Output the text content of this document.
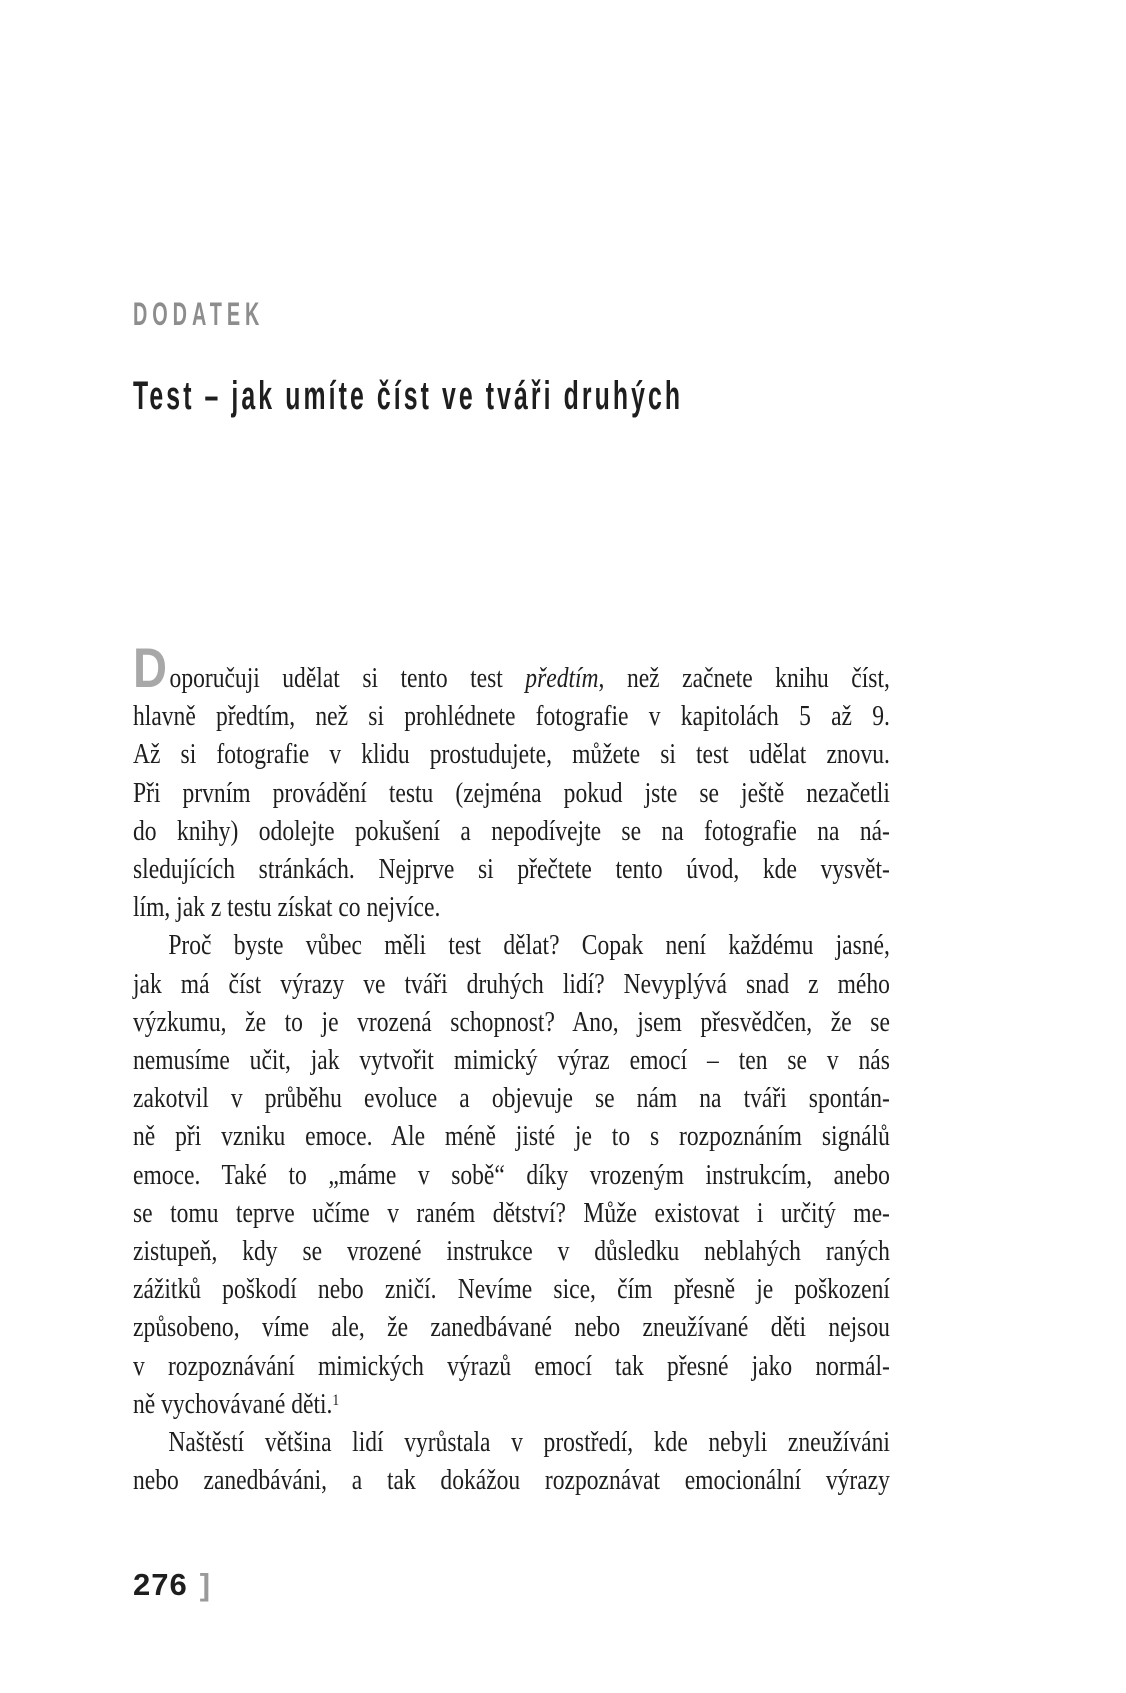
DODATEK
Test – jak umíte číst ve tváři druhých
Doporučuji udělat si tento test předtím, než začnete knihu číst,
hlavně předtím, než si prohlédnete fotografie v kapitolách 5 až 9.
Až si fotografie v klidu prostudujete, můžete si test udělat znovu.
Při prvním provádění testu (zejména pokud jste se ještě nezačetli
do knihy) odolejte pokušení a nepodívejte se na fotografie na ná-
sledujících stránkách. Nejprve si přečtete tento úvod, kde vysvět-
lím, jak z testu získat co nejvíce.
Proč byste vůbec měli test dělat? Copak není každému jasné,
jak má číst výrazy ve tváři druhých lidí? Nevyplývá snad z mého
výzkumu, že to je vrozená schopnost? Ano, jsem přesvědčen, že se
nemusíme učit, jak vytvořit mimický výraz emocí – ten se v nás
zakotvil v průběhu evoluce a objevuje se nám na tváři spontán-
ně při vzniku emoce. Ale méně jisté je to s rozpoznáním signálů
emoce. Také to „máme v sobě“ díky vrozeným instrukcím, anebo
se tomu teprve učíme v raném dětství? Může existovat i určitý me-
zistupeň, kdy se vrozené instrukce v důsledku neblahých raných
zážitků poškodí nebo zničí. Nevíme sice, čím přesně je poškození
způsobeno, víme ale, že zanedbávané nebo zneužívané děti nejsou
v rozpoznávání mimických výrazů emocí tak přesné jako normál-
ně vychovávané děti.$^1$
Naštěstí většina lidí vyrůstala v prostředí, kde nebyli zneužíváni
nebo zanedbáváni, a tak dokážou rozpoznávat emocionální výrazy
276 ]
